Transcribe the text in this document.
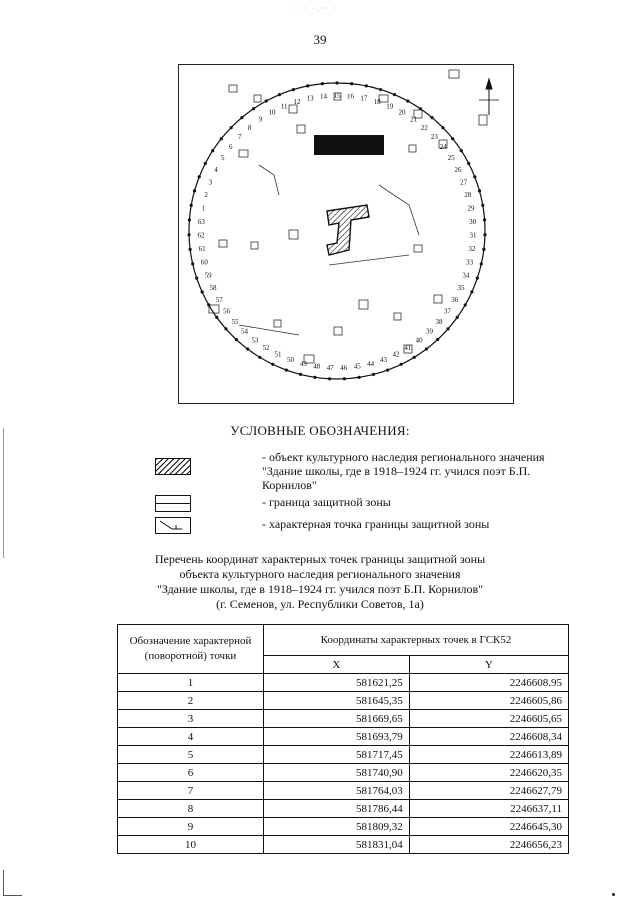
· ·· ·.·· ·
39
1
2
3
4
5
6
7
8
9
10
11
12 13 14 15 16 17 18
19
20
21
22
23
24
25
26
27
28
29
30
31
32
33
34
35
36
37
38
39
40
41
42
43
44
45
46
47
48
49
50
51
52
53
54
55
56
57
58
59
60
61
62
63
УСЛОВНЫЕ ОБОЗНАЧЕНИЯ:
- объект культурного наследия регионального значения "Здание школы, где в 1918–1924 гг. учился поэт Б.П. Корнилов"
- граница защитной зоны
- характерная точка границы защитной зоны
Перечень координат характерных точек границы защитной зоны
объекта культурного наследия регионального значения
"Здание школы, где в 1918–1924 гг. учился поэт Б.П. Корнилов"
(г. Семенов, ул. Республики Советов, 1а)
Обозначение характерной (поворотной) точки	Координаты характерных точек в ГСК52	
	X	Y
1	581621,25	2246608.95
2	581645,35	2246605,86
3	581669,65	2246605,65
4	581693,79	2246608,34
5	581717,45	2246613,89
6	581740,90	2246620,35
7	581764,03	2246627,79
8	581786,44	2246637,11
9	581809,32	2246645,30
10	581831,04	2246656,23
